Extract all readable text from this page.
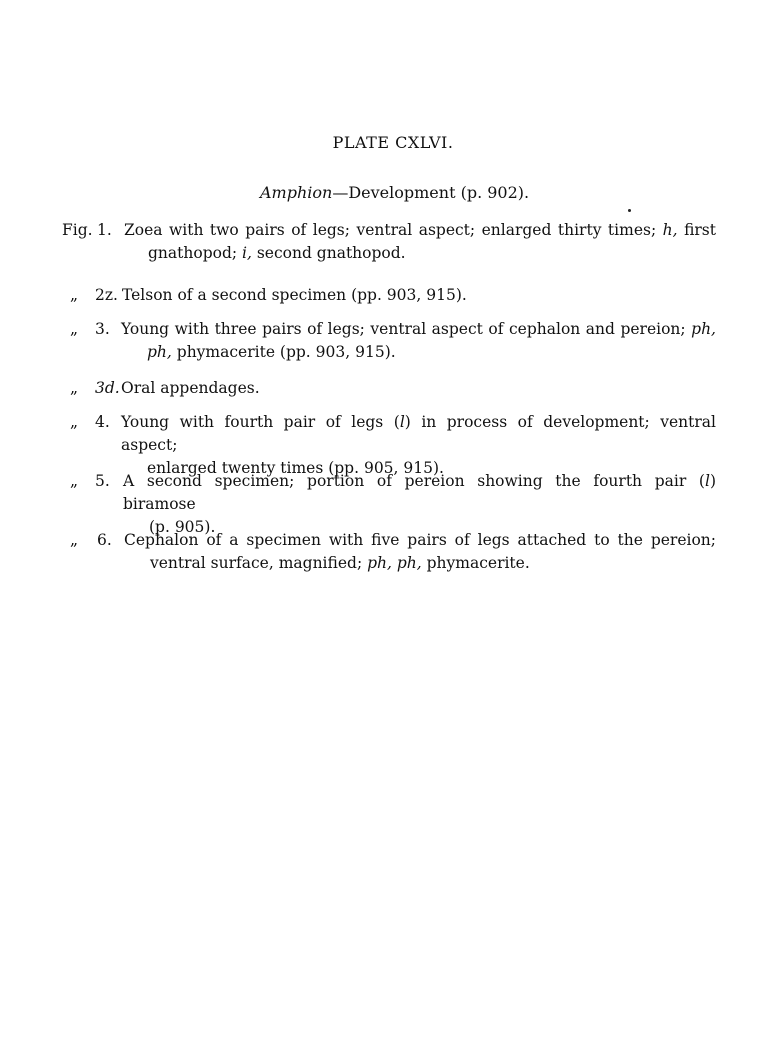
PLATE CXLVI.
Amphion—Development (p. 902).
Fig. 1. Zoea with two pairs of legs; ventral aspect; enlarged thirty times; h, first
gnathopod; i, second gnathopod.
„ 2z. Telson of a second specimen (pp. 903, 915).
„ 3. Young with three pairs of legs; ventral aspect of cephalon and pereion; ph,
ph, phymacerite (pp. 903, 915).
„ 3d. Oral appendages.
„ 4. Young with fourth pair of legs (l) in process of development; ventral aspect;
enlarged twenty times (pp. 905, 915).
„ 5. A second specimen; portion of pereion showing the fourth pair (l) biramose
(p. 905).
„ 6. Cephalon of a specimen with five pairs of legs attached to the pereion;
ventral surface, magnified; ph, ph, phymacerite.
